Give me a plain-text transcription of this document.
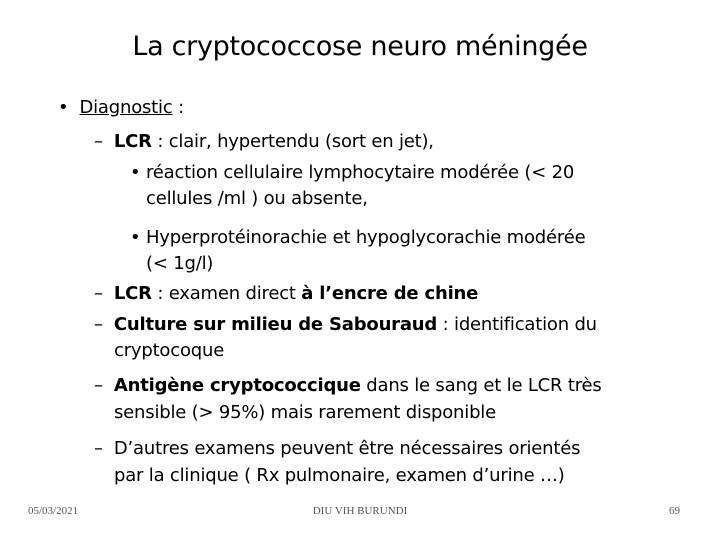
La cryptococcose neuro méningée
• Diagnostic :
– LCR : clair, hypertendu (sort en jet),
• réaction cellulaire lymphocytaire modérée (< 20
cellules /ml ) ou absente,
• Hyperprotéinorachie et hypoglycorachie modérée
(< 1g/l)
– LCR : examen direct à l’encre de chine
– Culture sur milieu de Sabouraud : identification du
cryptocoque
– Antigène cryptococcique dans le sang et le LCR très
sensible (> 95%) mais rarement disponible
– D’autres examens peuvent être nécessaires orientés
par la clinique ( Rx pulmonaire, examen d’urine …)
05/03/2021	DIU VIH BURUNDI	69
